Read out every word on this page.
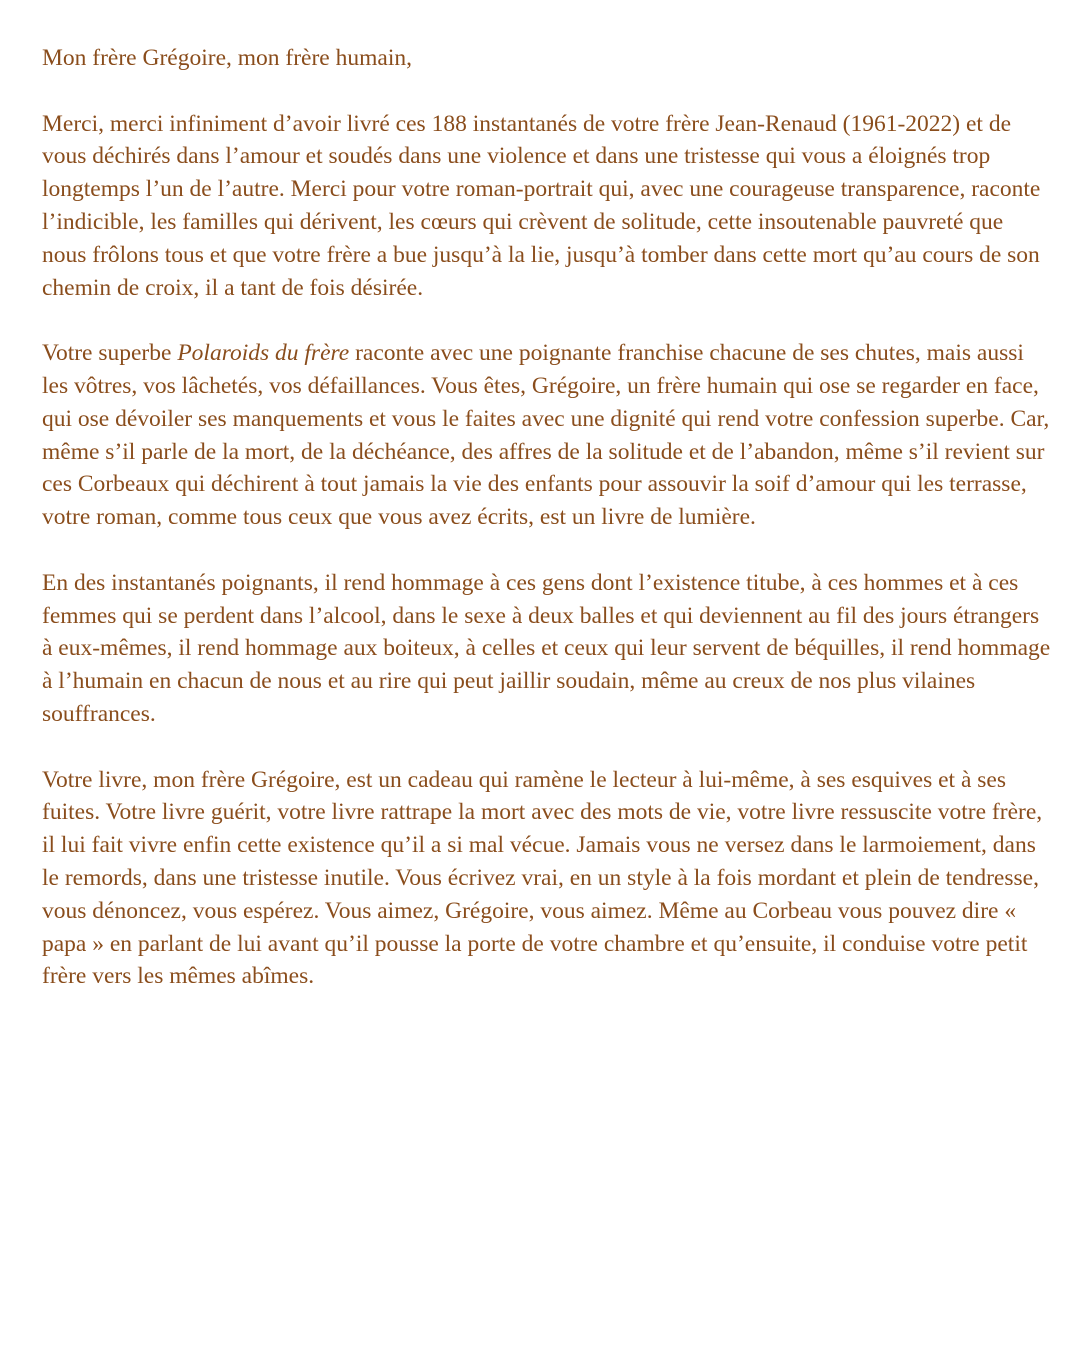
Mon frère Grégoire, mon frère humain,

Merci, merci infiniment d’avoir livré ces 188 instantanés de votre frère Jean-Renaud (1961-2022) et de vous déchirés dans l’amour et soudés dans une violence et dans une tristesse qui vous a éloignés trop longtemps l’un de l’autre. Merci pour votre roman-portrait qui, avec une courageuse transparence, raconte l’indicible, les familles qui dérivent, les cœurs qui crèvent de solitude, cette insoutenable pauvreté que nous frôlons tous et que votre frère a bue jusqu’à la lie, jusqu’à tomber dans cette mort qu’au cours de son chemin de croix, il a tant de fois désirée.

Votre superbe Polaroids du frère raconte avec une poignante franchise chacune de ses chutes, mais aussi les vôtres, vos lâchetés, vos défaillances. Vous êtes, Grégoire, un frère humain qui ose se regarder en face, qui ose dévoiler ses manquements et vous le faites avec une dignité qui rend votre confession superbe. Car, même s’il parle de la mort, de la déchéance, des affres de la solitude et de l’abandon, même s’il revient sur ces Corbeaux qui déchirent à tout jamais la vie des enfants pour assouvir la soif d’amour qui les terrasse, votre roman, comme tous ceux que vous avez écrits, est un livre de lumière.

En des instantanés poignants, il rend hommage à ces gens dont l’existence titube, à ces hommes et à ces femmes qui se perdent dans l’alcool, dans le sexe à deux balles et qui deviennent au fil des jours étrangers à eux-mêmes, il rend hommage aux boiteux, à celles et ceux qui leur servent de béquilles, il rend hommage à l’humain en chacun de nous et au rire qui peut jaillir soudain, même au creux de nos plus vilaines souffrances.

Votre livre, mon frère Grégoire, est un cadeau qui ramène le lecteur à lui-même, à ses esquives et à ses fuites. Votre livre guérit, votre livre rattrape la mort avec des mots de vie, votre livre ressuscite votre frère, il lui fait vivre enfin cette existence qu’il a si mal vécue. Jamais vous ne versez dans le larmoiement, dans le remords, dans une tristesse inutile. Vous écrivez vrai, en un style à la fois mordant et plein de tendresse, vous dénoncez, vous espérez. Vous aimez, Grégoire, vous aimez. Même au Corbeau vous pouvez dire « papa » en parlant de lui avant qu’il pousse la porte de votre chambre et qu’ensuite, il conduise votre petit frère vers les mêmes abîmes.
